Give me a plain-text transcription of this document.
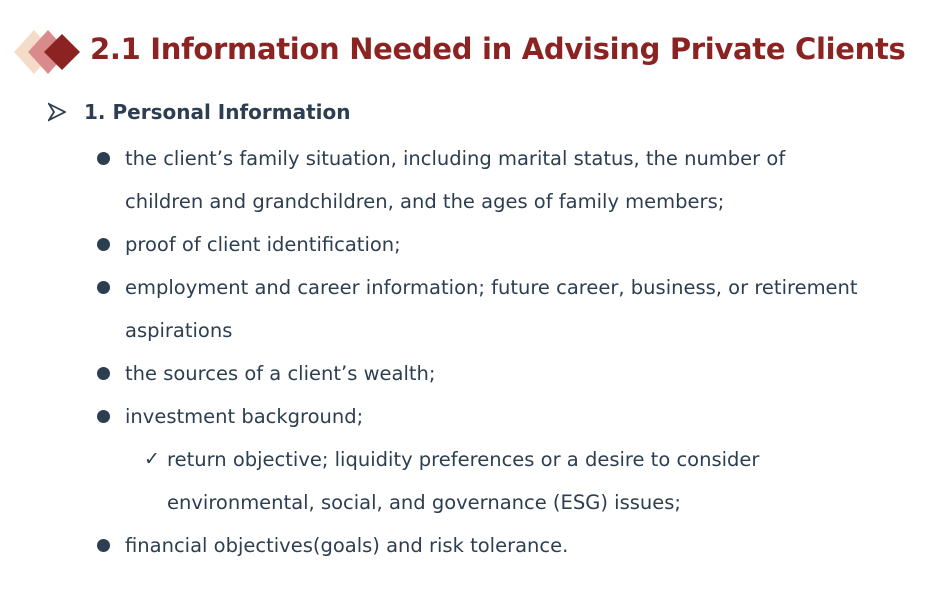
2.1 Information Needed in Advising Private Clients
1. Personal Information
the client’s family situation, including marital status, the number of
children and grandchildren, and the ages of family members;
proof of client identification;
employment and career information; future career, business, or retirement
aspirations
the sources of a client’s wealth;
investment background;
✓ return objective; liquidity preferences or a desire to consider
environmental, social, and governance (ESG) issues;
financial objectives(goals) and risk tolerance.
